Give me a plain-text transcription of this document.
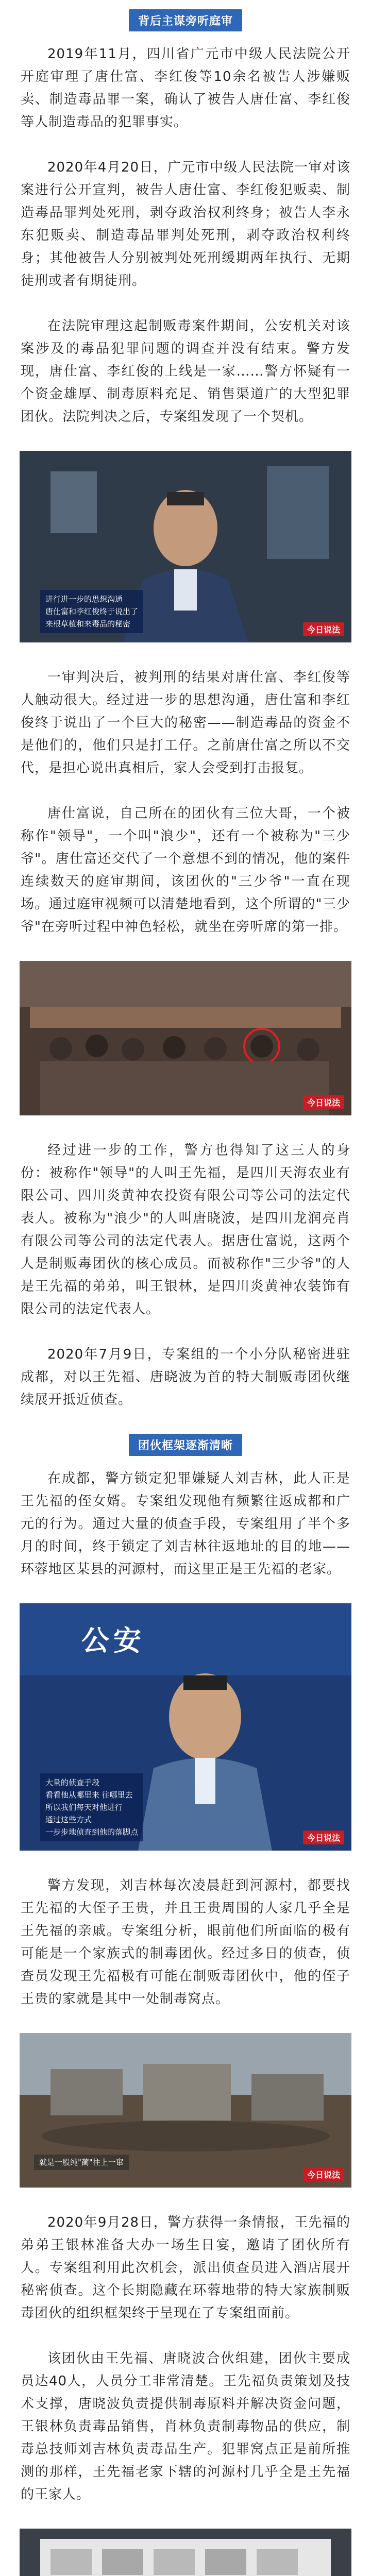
背后主谋旁听庭审

2019年11月，四川省广元市中级人民法院公开开庭审理了唐仕富、李红俊等10余名被告人涉嫌贩卖、制造毒品罪一案，确认了被告人唐仕富、李红俊等人制造毒品的犯罪事实。

2020年4月20日，广元市中级人民法院一审对该案进行公开宣判，被告人唐仕富、李红俊犯贩卖、制造毒品罪判处死刑，剥夺政治权利终身；被告人李永东犯贩卖、制造毒品罪判处死刑，剥夺政治权利终身；其他被告人分别被判处死刑缓期两年执行、无期徒刑或者有期徒刑。

在法院审理这起制贩毒案件期间，公安机关对该案涉及的毒品犯罪问题的调查并没有结束。警方发现，唐仕富、李红俊的上线是一家……警方怀疑有一个资金雄厚、制毒原料充足、销售渠道广的大型犯罪团伙。法院判决之后，专案组发现了一个契机。

进行进一步的思想沟通
唐仕富和李红俊终于说出了
来根草植和来毒品的秘密
今日说法

一审判决后，被判刑的结果对唐仕富、李红俊等人触动很大。经过进一步的思想沟通，唐仕富和李红俊终于说出了一个巨大的秘密——制造毒品的资金不是他们的，他们只是打工仔。之前唐仕富之所以不交代，是担心说出真相后，家人会受到打击报复。

唐仕富说，自己所在的团伙有三位大哥，一个被称作"领导"，一个叫"浪少"，还有一个被称为"三少爷"。唐仕富还交代了一个意想不到的情况，他的案件连续数天的庭审期间，该团伙的"三少爷"一直在现场。通过庭审视频可以清楚地看到，这个所谓的"三少爷"在旁听过程中神色轻松，就坐在旁听席的第一排。

今日说法

经过进一步的工作，警方也得知了这三人的身份：被称作"领导"的人叫王先福，是四川天海农业有限公司、四川炎黄神农投资有限公司等公司的法定代表人。被称为"浪少"的人叫唐晓波，是四川龙润亮肖有限公司等公司的法定代表人。据唐仕富说，这两个人是制贩毒团伙的核心成员。而被称作"三少爷"的人是王先福的弟弟，叫王银林，是四川炎黄神农装饰有限公司的法定代表人。

2020年7月9日，专案组的一个小分队秘密进驻成都，对以王先福、唐晓波为首的特大制贩毒团伙继续展开抵近侦查。

团伙框架逐渐清晰

在成都，警方锁定犯罪嫌疑人刘吉林，此人正是王先福的侄女婿。专案组发现他有频繁往返成都和广元的行为。通过大量的侦查手段，专案组用了半个多月的时间，终于锁定了刘吉林往返地址的目的地——环蓉地区某县的河源村，而这里正是王先福的老家。

公安
大量的侦查手段
看看他从哪里来 往哪里去
所以我们每天对他进行
通过这些方式
一步步地侦查到他的落脚点
今日说法

警方发现，刘吉林每次凌晨赶到河源村，都要找王先福的大侄子王贵，并且王贵周围的人家几乎全是王先福的亲戚。专案组分析，眼前他们所面临的极有可能是一个家族式的制毒团伙。经过多日的侦查，侦查员发现王先福极有可能在制贩毒团伙中，他的侄子王贵的家就是其中一处制毒窝点。

就是一股纯"蔺"往上一窜
今日说法

2020年9月28日，警方获得一条情报，王先福的弟弟王银林准备大办一场生日宴，邀请了团伙所有人。专案组利用此次机会，派出侦查员进入酒店展开秘密侦查。这个长期隐藏在环蓉地带的特大家族制贩毒团伙的组织框架终于呈现在了专案组面前。

该团伙由王先福、唐晓波合伙组建，团伙主要成员达40人，人员分工非常清楚。王先福负责策划及技术支撑，唐晓波负责提供制毒原料并解决资金问题，王银林负责毒品销售，肖林负责制毒物品的供应，制毒总技师刘吉林负责毒品生产。犯罪窝点正是前所推测的那样，王先福老家下辖的河源村几乎全是王先福的王家人。
